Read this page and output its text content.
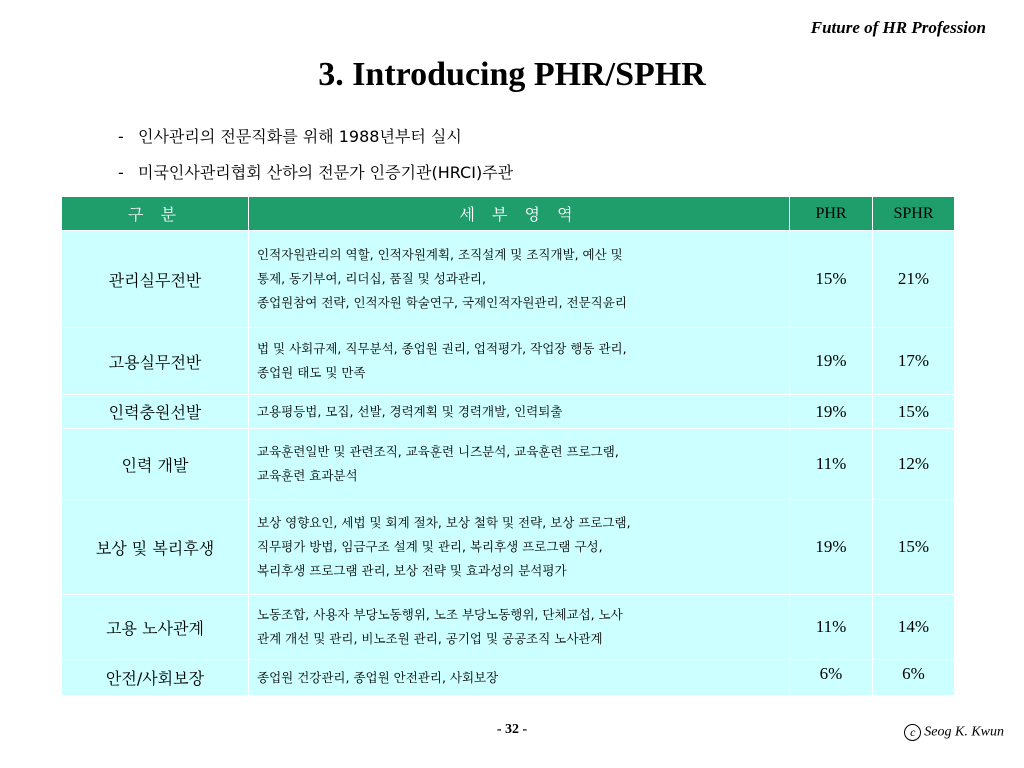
Future of HR Profession
3. Introducing PHR/SPHR
- 인사관리의 전문직화를 위해 1988년부터 실시
- 미국인사관리협회 산하의 전문가 인증기관(HRCI)주관
구 분	세 부 영 역	PHR	SPHR
관리실무전반	인적자원관리의 역할, 인적자원계획, 조직설계 및 조직개발, 예산 및
통제, 동기부여, 리더십, 품질 및 성과관리,
종업원참여 전략, 인적자원 학술연구, 국제인적자원관리, 전문직윤리	15%	21%
고용실무전반	법 및 사회규제, 직무분석, 종업원 권리, 업적평가, 작업장 행동 관리,
종업원 태도 및 만족	19%	17%
인력충원선발	고용평등법, 모집, 선발, 경력계획 및 경력개발, 인력퇴출	19%	15%
인력 개발	교육훈련일반 및 관련조직, 교육훈련 니즈분석, 교육훈련 프로그램,
교육훈련 효과분석	11%	12%
보상 및 복리후생	보상 영향요인, 세법 및 회계 절차, 보상 철학 및 전략, 보상 프로그램,
직무평가 방법, 임금구조 설계 및 관리, 복리후생 프로그램 구성,
복리후생 프로그램 관리, 보상 전략 및 효과성의 분석평가	19%	15%
고용 노사관계	노동조합, 사용자 부당노동행위, 노조 부당노동행위, 단체교섭, 노사
관계 개선 및 관리, 비노조원 관리, 공기업 및 공공조직 노사관계	11%	14%
안전/사회보장	종업원 건강관리, 종업원 안전관리, 사회보장	6%	6%
- 32 -	c Seog K. Kwun
